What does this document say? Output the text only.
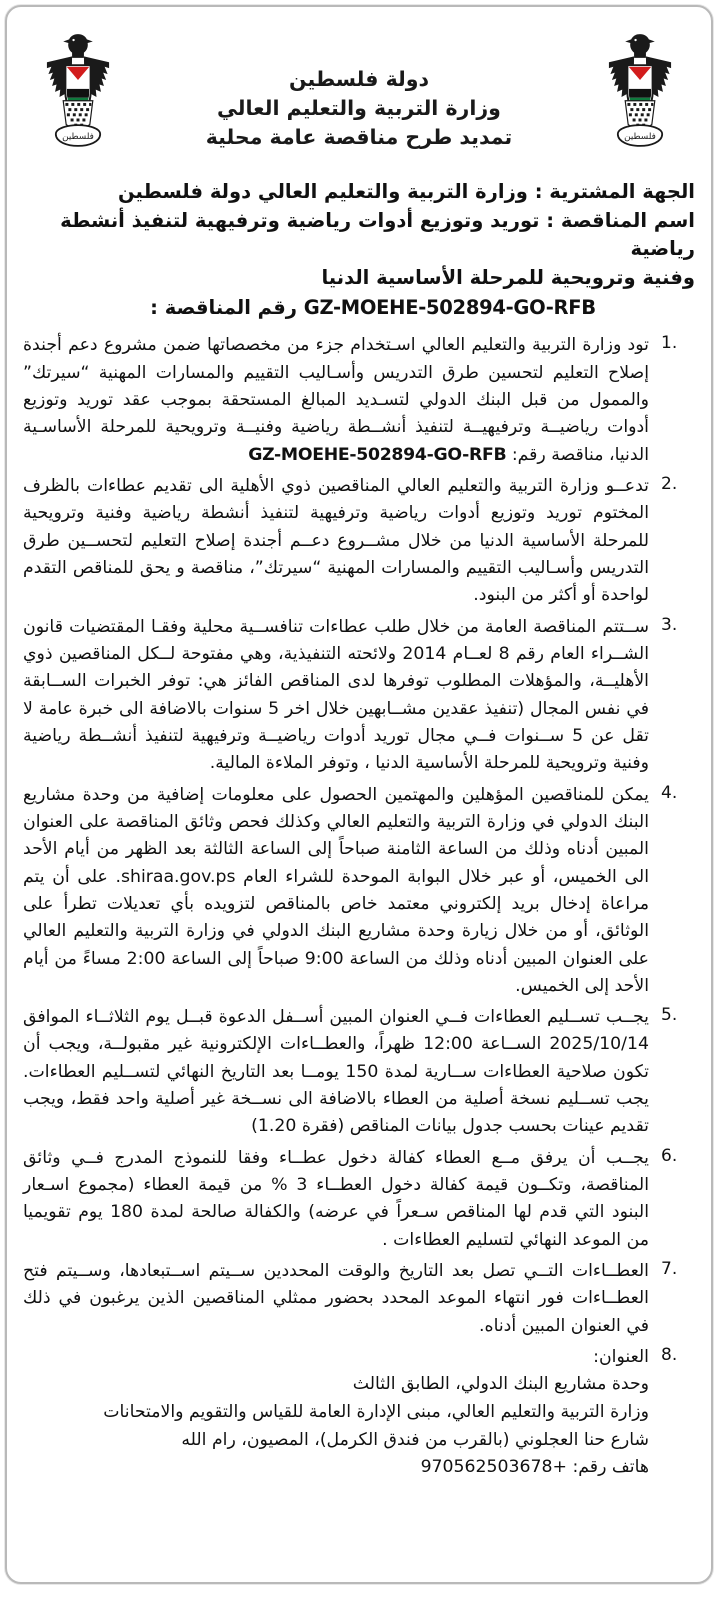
فلسطين	فلسطين
دولة فلسطين
وزارة التربية والتعليم العالي
تمديد طرح مناقصة عامة محلية
الجهة المشترية : وزارة التربية والتعليم العالي دولة فلسطين
اسم المناقصة : توريد وتوزيع أدوات رياضية وترفيهية لتنفيذ أنشطة رياضية
وفنية وترويحية للمرحلة الأساسية الدنيا
GZ-MOEHE-502894-GO-RFB رقم المناقصة :
تود وزارة التربية والتعليم العالي اسـتخدام جزء من مخصصاتها ضمن مشروع دعم أجندة إصلاح التعليم لتحسين طرق التدريس وأسـاليب التقييم والمسارات المهنية “سيرتك” والممول من قبل البنك الدولي لتسـديد المبالغ المستحقة بموجب عقد توريد وتوزيع أدوات رياضيــة وترفيهيــة لتنفيذ أنشــطة رياضية وفنيــة وترويحية للمرحلة الأساسـية الدنيا، مناقصة رقم: GZ-MOEHE-502894-GO-RFB
تدعــو وزارة التربية والتعليم العالي المناقصين ذوي الأهلية الى تقديم عطاءات بالظرف المختوم توريد وتوزيع أدوات رياضية وترفيهية لتنفيذ أنشطة رياضية وفنية وترويحية للمرحلة الأساسية الدنيا من خلال مشــروع دعــم أجندة إصلاح التعليم لتحســين طرق التدريس وأسـاليب التقييم والمسارات المهنية “سيرتك”، مناقصة و يحق للمناقص التقدم لواحدة أو أكثر من البنود.
ســتتم المناقصة العامة من خلال طلب عطاءات تنافســية محلية وفقـا المقتضيات قانون الشــراء العام رقم 8 لعــام 2014 ولائحته التنفيذية، وهي مفتوحة لــكل المناقصين ذوي الأهليــة، والمؤهلات المطلوب توفرها لدى المناقص الفائز هي: توفر الخبرات الســابقة في نفس المجال (تنفيذ عقدين مشــابهين خلال اخر 5 سنوات بالاضافة الى خبرة عامة لا تقل عن 5 ســنوات فــي مجال توريد أدوات رياضيــة وترفيهية لتنفيذ أنشــطة رياضية وفنية وترويحية للمرحلة الأساسية الدنيا ، وتوفر الملاءة المالية.
يمكن للمناقصين المؤهلين والمهتمين الحصول على معلومات إضافية من وحدة مشاريع البنك الدولي في وزارة التربية والتعليم العالي وكذلك فحص وثائق المناقصة على العنوان المبين أدناه وذلك من الساعة الثامنة صباحاً إلى الساعة الثالثة بعد الظهر من أيام الأحد الى الخميس، أو عبر خلال البوابة الموحدة للشراء العام shiraa.gov.ps. على أن يتم مراعاة إدخال بريد إلكتروني معتمد خاص بالمناقص لتزويده بأي تعديلات تطرأ على الوثائق، أو من خلال زيارة وحدة مشاريع البنك الدولي في وزارة التربية والتعليم العالي على العنوان المبين أدناه وذلك من الساعة 9:00 صباحاً إلى الساعة 2:00 مساءً من أيام الأحد إلى الخميس.
يجــب تســليم العطاءات فــي العنوان المبين أســفل الدعوة قبــل يوم الثلاثــاء الموافق 2025/10/14 الســاعة 12:00 ظهراً، والعطــاءات الإلكترونية غير مقبولــة، ويجب أن تكون صلاحية العطاءات ســارية لمدة 150 يومــا بعد التاريخ النهائي لتســليم العطاءات. يجب تســليم نسخة أصلية من العطاء بالاضافة الى نســخة غير أصلية واحد فقط، ويجب تقديم عينات بحسب جدول بيانات المناقص (فقرة 1.20)
يجــب أن يرفق مــع العطاء كفالة دخول عطــاء وفقا للنموذج المدرج فــي وثائق المناقصة، وتكــون قيمة كفالة دخول العطــاء 3 % من قيمة العطاء (مجموع اسـعار البنود التي قدم لها المناقص سـعراً في عرضه) والكفالة صالحة لمدة 180 يوم تقويميا من الموعد النهائي لتسليم العطاءات .
العطــاءات التــي تصل بعد التاريخ والوقت المحددين ســيتم اســتبعادها، وســيتم فتح العطــاءات فور انتهاء الموعد المحدد بحضور ممثلي المناقصين الذين يرغبون في ذلك في العنوان المبين أدناه.
العنوان:
وحدة مشاريع البنك الدولي، الطابق الثالث
وزارة التربية والتعليم العالي، مبنى الإدارة العامة للقياس والتقويم والامتحانات
شارع حنا العجلوني (بالقرب من فندق الكرمل)، المصيون، رام الله
هاتف رقم: +970562503678
